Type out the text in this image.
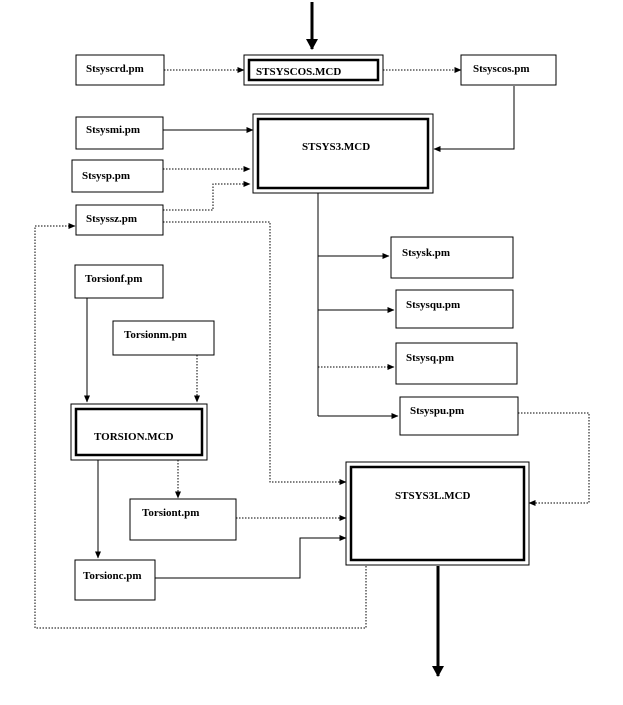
Stsyscrd.pm	STSYSCOS.MCD	Stsyscos.pm
Stsysmi.pm
STSYS3.MCD
Stsysp.pm
Stsyssz.pm
Stsysk.pm
Stsysqu.pm
Stsysq.pm
Stsyspu.pm
Torsionf.pm
Torsionm.pm
TORSION.MCD
Torsiont.pm
Torsionc.pm
STSYS3L.MCD
